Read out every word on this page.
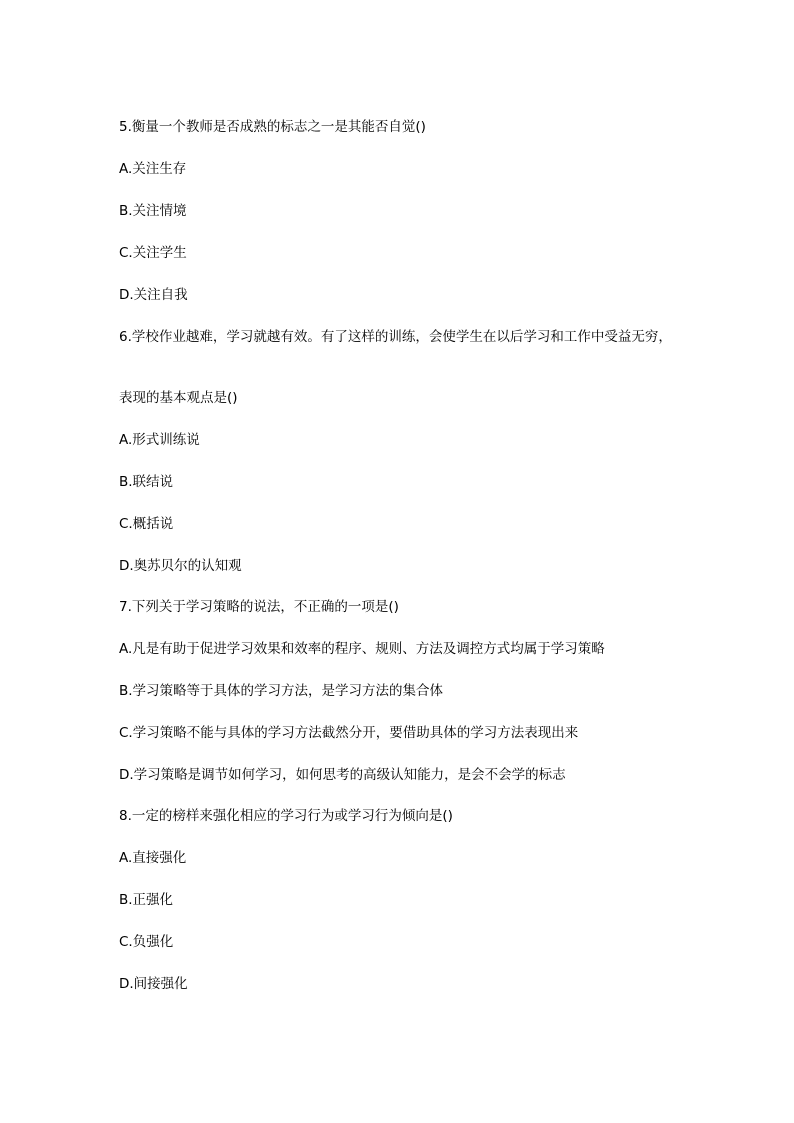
5.衡量一个教师是否成熟的标志之一是其能否自觉()
A.关注生存
B.关注情境
C.关注学生
D.关注自我
6.学校作业越难，学习就越有效。有了这样的训练，会使学生在以后学习和工作中受益无穷，
表现的基本观点是()
A.形式训练说
B.联结说
C.概括说
D.奥苏贝尔的认知观
7.下列关于学习策略的说法，不正确的一项是()
A.凡是有助于促进学习效果和效率的程序、规则、方法及调控方式均属于学习策略
B.学习策略等于具体的学习方法，是学习方法的集合体
C.学习策略不能与具体的学习方法截然分开，要借助具体的学习方法表现出来
D.学习策略是调节如何学习，如何思考的高级认知能力，是会不会学的标志
8.一定的榜样来强化相应的学习行为或学习行为倾向是()
A.直接强化
B.正强化
C.负强化
D.间接强化
